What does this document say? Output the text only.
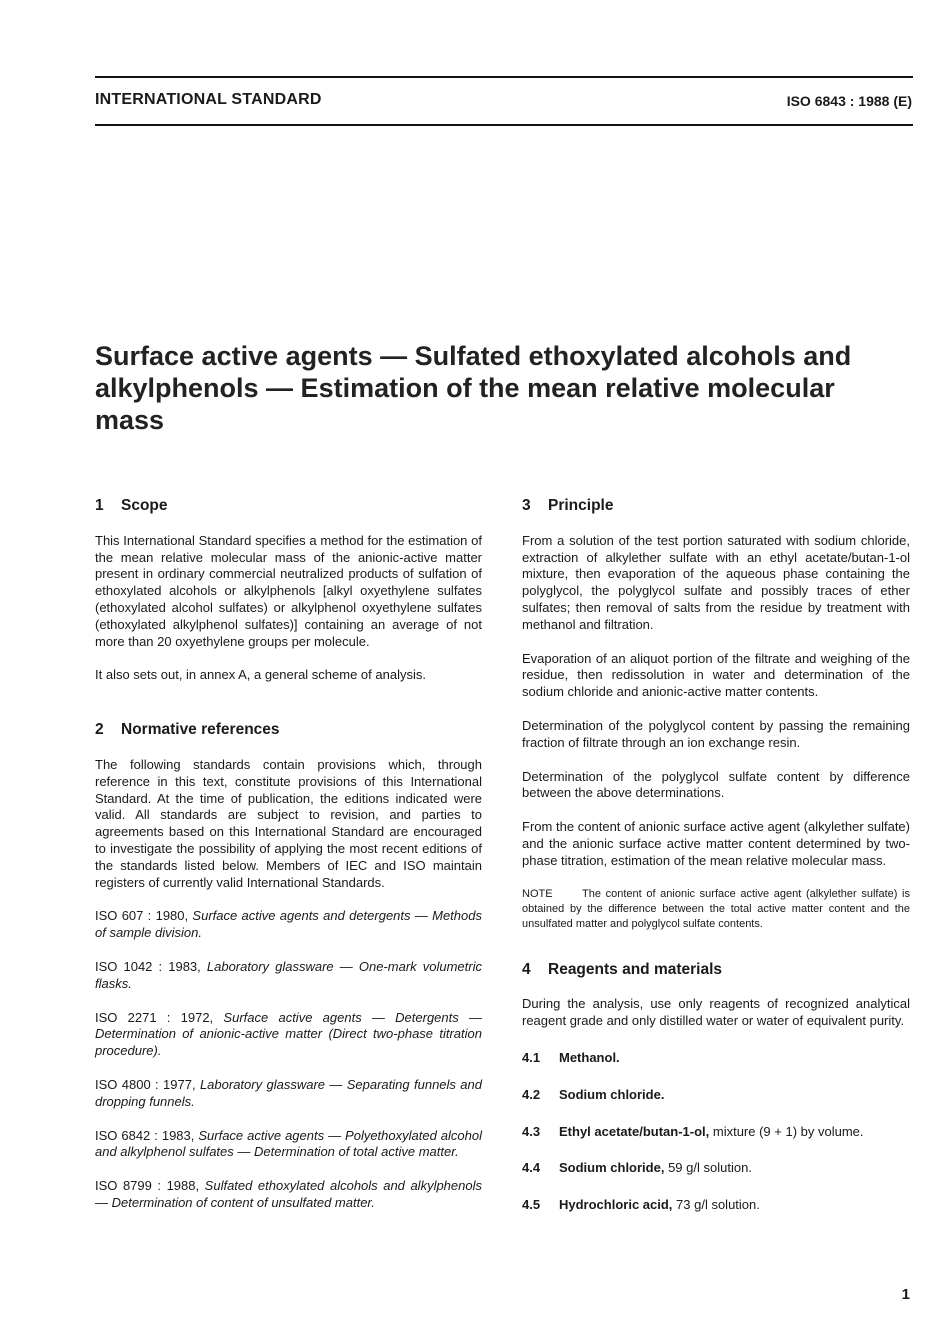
INTERNATIONAL STANDARD	ISO 6843 : 1988 (E)
Surface active agents — Sulfated ethoxylated alcohols and alkylphenols — Estimation of the mean relative molecular mass
1 Scope

This International Standard specifies a method for the estimation of the mean relative molecular mass of the anionic-active matter present in ordinary commercial neutralized products of sulfation of ethoxylated alcohols or alkylphenols [alkyl oxyethylene sulfates (ethoxylated alcohol sulfates) or alkylphenol oxyethylene sulfates (ethoxylated alkylphenol sulfates)] containing an average of not more than 20 oxyethylene groups per molecule.

It also sets out, in annex A, a general scheme of analysis.

2 Normative references

The following standards contain provisions which, through reference in this text, constitute provisions of this International Standard. At the time of publication, the editions indicated were valid. All standards are subject to revision, and parties to agreements based on this International Standard are encouraged to investigate the possibility of applying the most recent editions of the standards listed below. Members of IEC and ISO maintain registers of currently valid International Standards.

ISO 607 : 1980, Surface active agents and detergents — Methods of sample division.
ISO 1042 : 1983, Laboratory glassware — One-mark volumetric flasks.
ISO 2271 : 1972, Surface active agents — Detergents — Determination of anionic-active matter (Direct two-phase titration procedure).
ISO 4800 : 1977, Laboratory glassware — Separating funnels and dropping funnels.
ISO 6842 : 1983, Surface active agents — Polyethoxylated alcohol and alkylphenol sulfates — Determination of total active matter.
ISO 8799 : 1988, Sulfated ethoxylated alcohols and alkylphenols — Determination of content of unsulfated matter.
3 Principle

From a solution of the test portion saturated with sodium chloride, extraction of alkylether sulfate with an ethyl acetate/butan-1-ol mixture, then evaporation of the aqueous phase containing the polyglycol, the polyglycol sulfate and possibly traces of ether sulfates; then removal of salts from the residue by treatment with methanol and filtration.

Evaporation of an aliquot portion of the filtrate and weighing of the residue, then redissolution in water and determination of the sodium chloride and anionic-active matter contents.

Determination of the polyglycol content by passing the remaining fraction of filtrate through an ion exchange resin.

Determination of the polyglycol sulfate content by difference between the above determinations.

From the content of anionic surface active agent (alkylether sulfate) and the anionic surface active matter content determined by two-phase titration, estimation of the mean relative molecular mass.

NOTE	The content of anionic surface active agent (alkylether sulfate) is obtained by the difference between the total active matter content and the unsulfated matter and polyglycol sulfate contents.
4 Reagents and materials

During the analysis, use only reagents of recognized analytical reagent grade and only distilled water or water of equivalent purity.

4.1 Methanol.
4.2 Sodium chloride.
4.3 Ethyl acetate/butan-1-ol, mixture (9 + 1) by volume.
4.4 Sodium chloride, 59 g/l solution.
4.5 Hydrochloric acid, 73 g/l solution.
1
